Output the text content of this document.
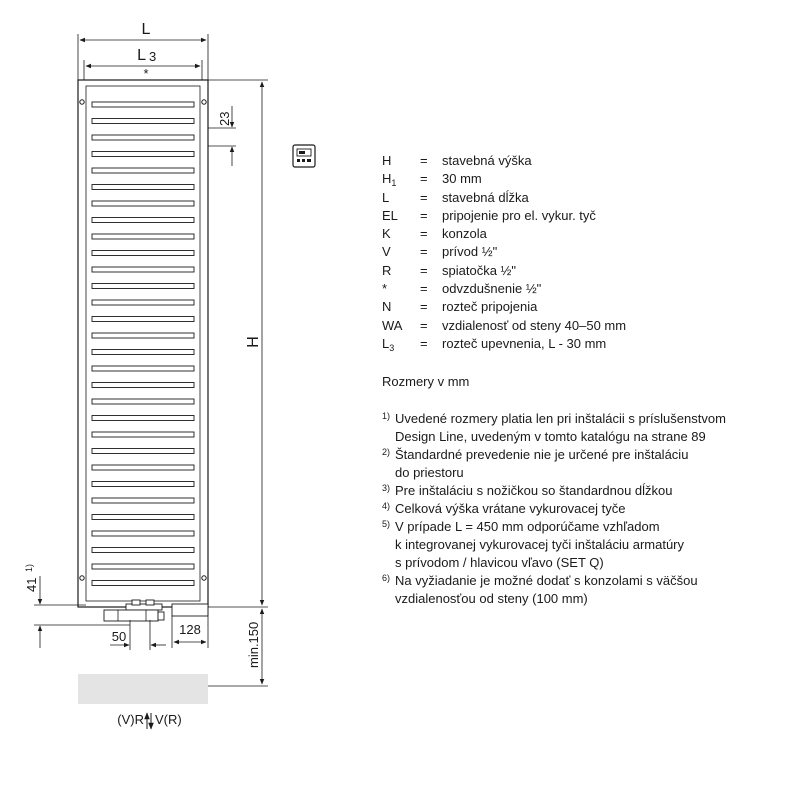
L
L 3
*
23
H
min.150
41
1)
50	128
(V)R V(R)
H	=	stavebná výška
$H_1$	=	30 mm
L	=	stavebná dĺžka
EL	=	pripojenie pro el. vykur. tyč
K	=	konzola
V	=	prívod ½"
R	=	spiatočka ½"
*	=	odvzdušnenie ½"
N	=	rozteč pripojenia
WA	=	vzdialenosť od steny 40–50 mm
$L_3$	=	rozteč upevnenia, L - 30 mm
Rozmery v mm
1) Uvedené rozmery platia len pri inštalácii s príslušenstvom
Design Line, uvedeným v tomto katalógu na strane 89
2) Štandardné prevedenie nie je určené pre inštaláciu
do priestoru
3) Pre inštaláciu s nožičkou so štandardnou dĺžkou
4) Celková výška vrátane vykurovacej tyče
5) V prípade L = 450 mm odporúčame vzhľadom
k integrovanej vykurovacej tyči inštaláciu armatúry
s prívodom / hlavicou vľavo (SET Q)
6) Na vyžiadanie je možné dodať s konzolami s väčšou
vzdialenosťou od steny (100 mm)
